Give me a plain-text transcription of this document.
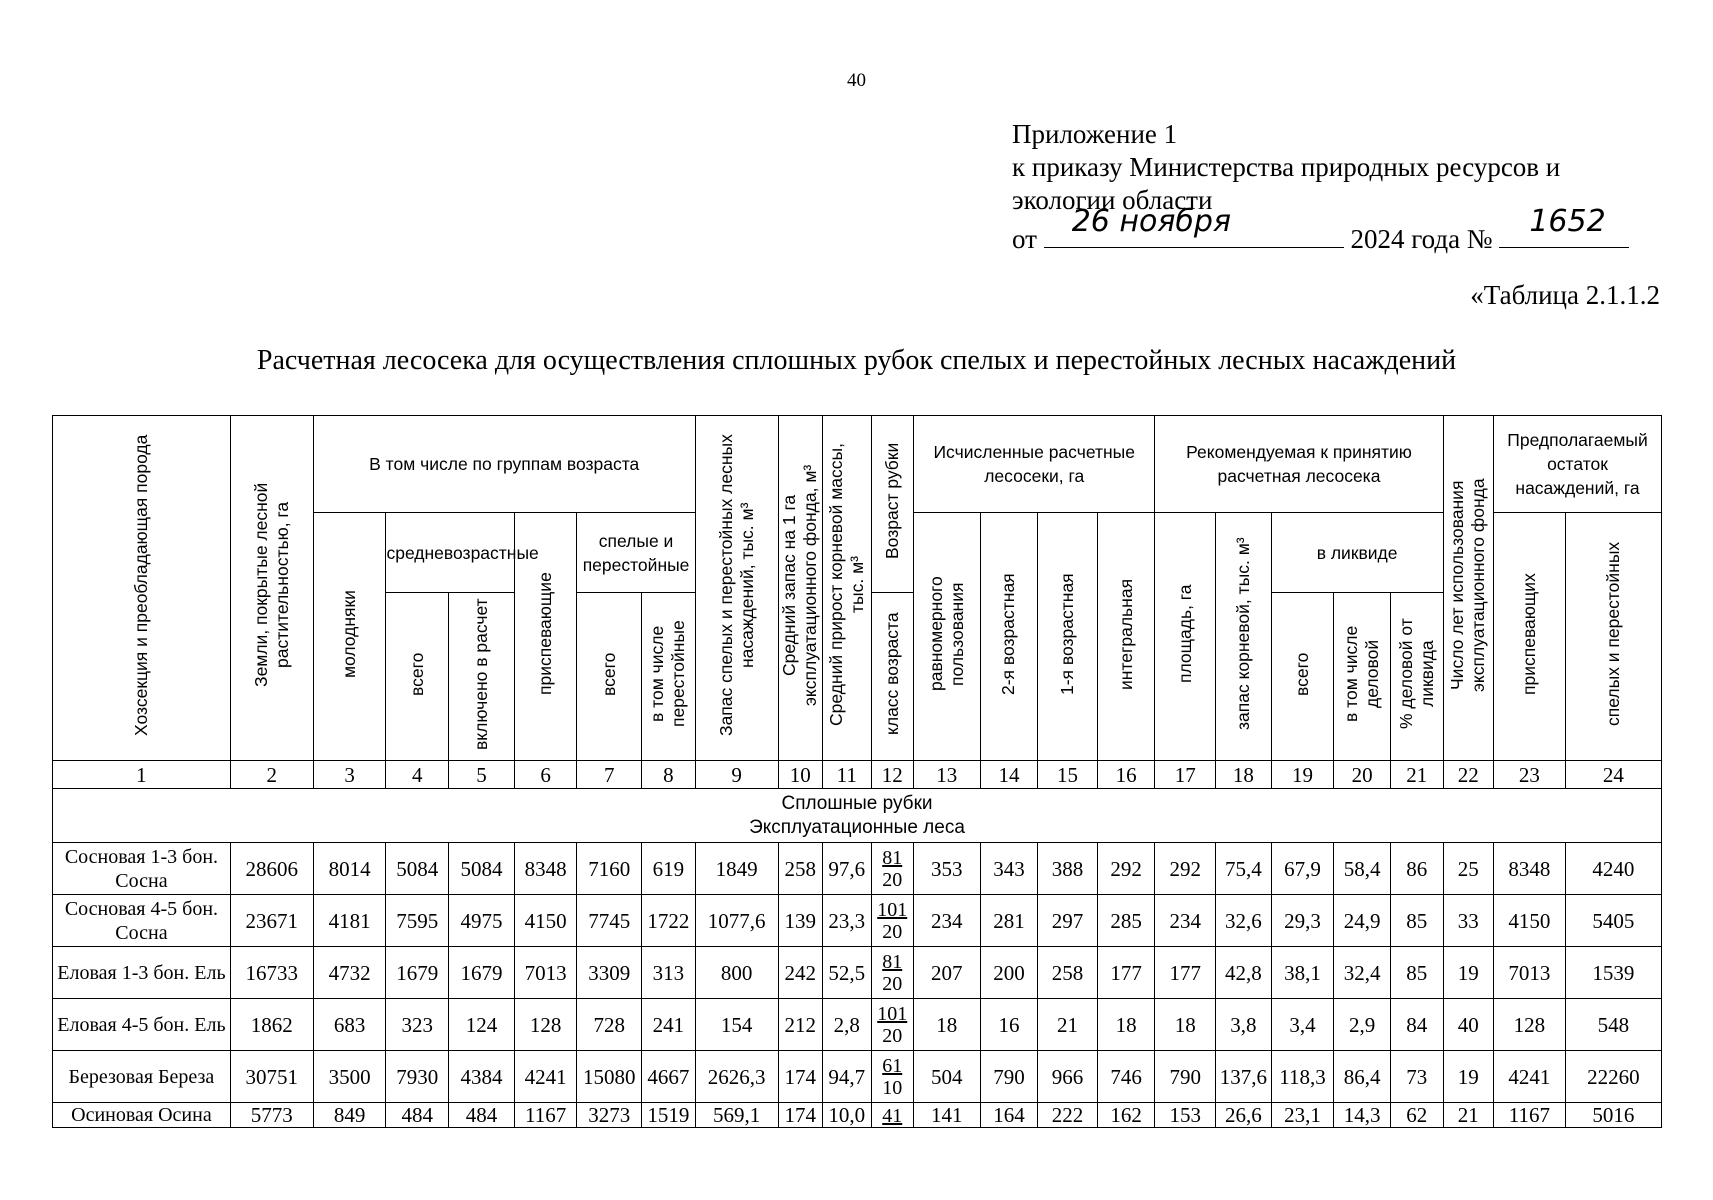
40
Приложение 1
к приказу Министерства природных ресурсов и
экологии области
от 26 ноября	2024 года № 1652
«Таблица 2.1.1.2
Расчетная лесосека для осуществления сплошных рубок спелых и перестойных лесных насаждений
Хозсекция и преобладающая порода	Земли, покрытые лесной растительностью, га	В том числе по группам возраста						Запас спелых и перестойных лесных насаждений, тыс. м³	Средний запас на 1 га эксплуатационного фонда, м³	Средний прирост корневой массы, тыс. м³	Возраст рубки	Исчисленные расчетные лесосеки, га				Рекомендуемая к принятию расчетная лесосека					Число лет использования эксплуатационного фонда	Предполагаемый остаток насаждений, га	
		молодняки	средневозрастные		приспевающие	спелые и перестойные						равномерного пользования	2-я возрастная	1-я возрастная	интегральная	площадь, га	запас корневой, тыс. м³	в ликвиде				приспевающих	спелых и перестойных
			всего	включено в расчет		всего	в том числе перестойные				класс возраста							всего	в том числе деловой	% деловой от ликвида			
1	2	3	4	5	6	7	8	9	10	11	12	13	14	15	16	17	18	19	20	21	22	23	24

Сплошные рубки
Эксплуатационные леса																							

Сосновая 1-3 бон. Сосна	28606	8014	5084	5084	8348	7160	619	1849	258	97,6	$\frac{81}{20}$	353	343	388	292	292	75,4	67,9	58,4	86	25	8348	4240
Сосновая 4-5 бон. Сосна	23671	4181	7595	4975	4150	7745	1722	1077,6	139	23,3	$\frac{101}{20}$	234	281	297	285	234	32,6	29,3	24,9	85	33	4150	5405
Еловая 1-3 бон. Ель	16733	4732	1679	1679	7013	3309	313	800	242	52,5	$\frac{81}{20}$	207	200	258	177	177	42,8	38,1	32,4	85	19	7013	1539
Еловая 4-5 бон. Ель	1862	683	323	124	128	728	241	154	212	2,8	$\frac{101}{20}$	18	16	21	18	18	3,8	3,4	2,9	84	40	128	548
Березовая Береза	30751	3500	7930	4384	4241	15080	4667	2626,3	174	94,7	$\frac{61}{10}$	504	790	966	746	790	137,6	118,3	86,4	73	19	4241	22260
Осиновая Осина	5773	849	484	484	1167	3273	1519	569,1	174	10,0	41	141	164	222	162	153	26,6	23,1	14,3	62	21	1167	5016
